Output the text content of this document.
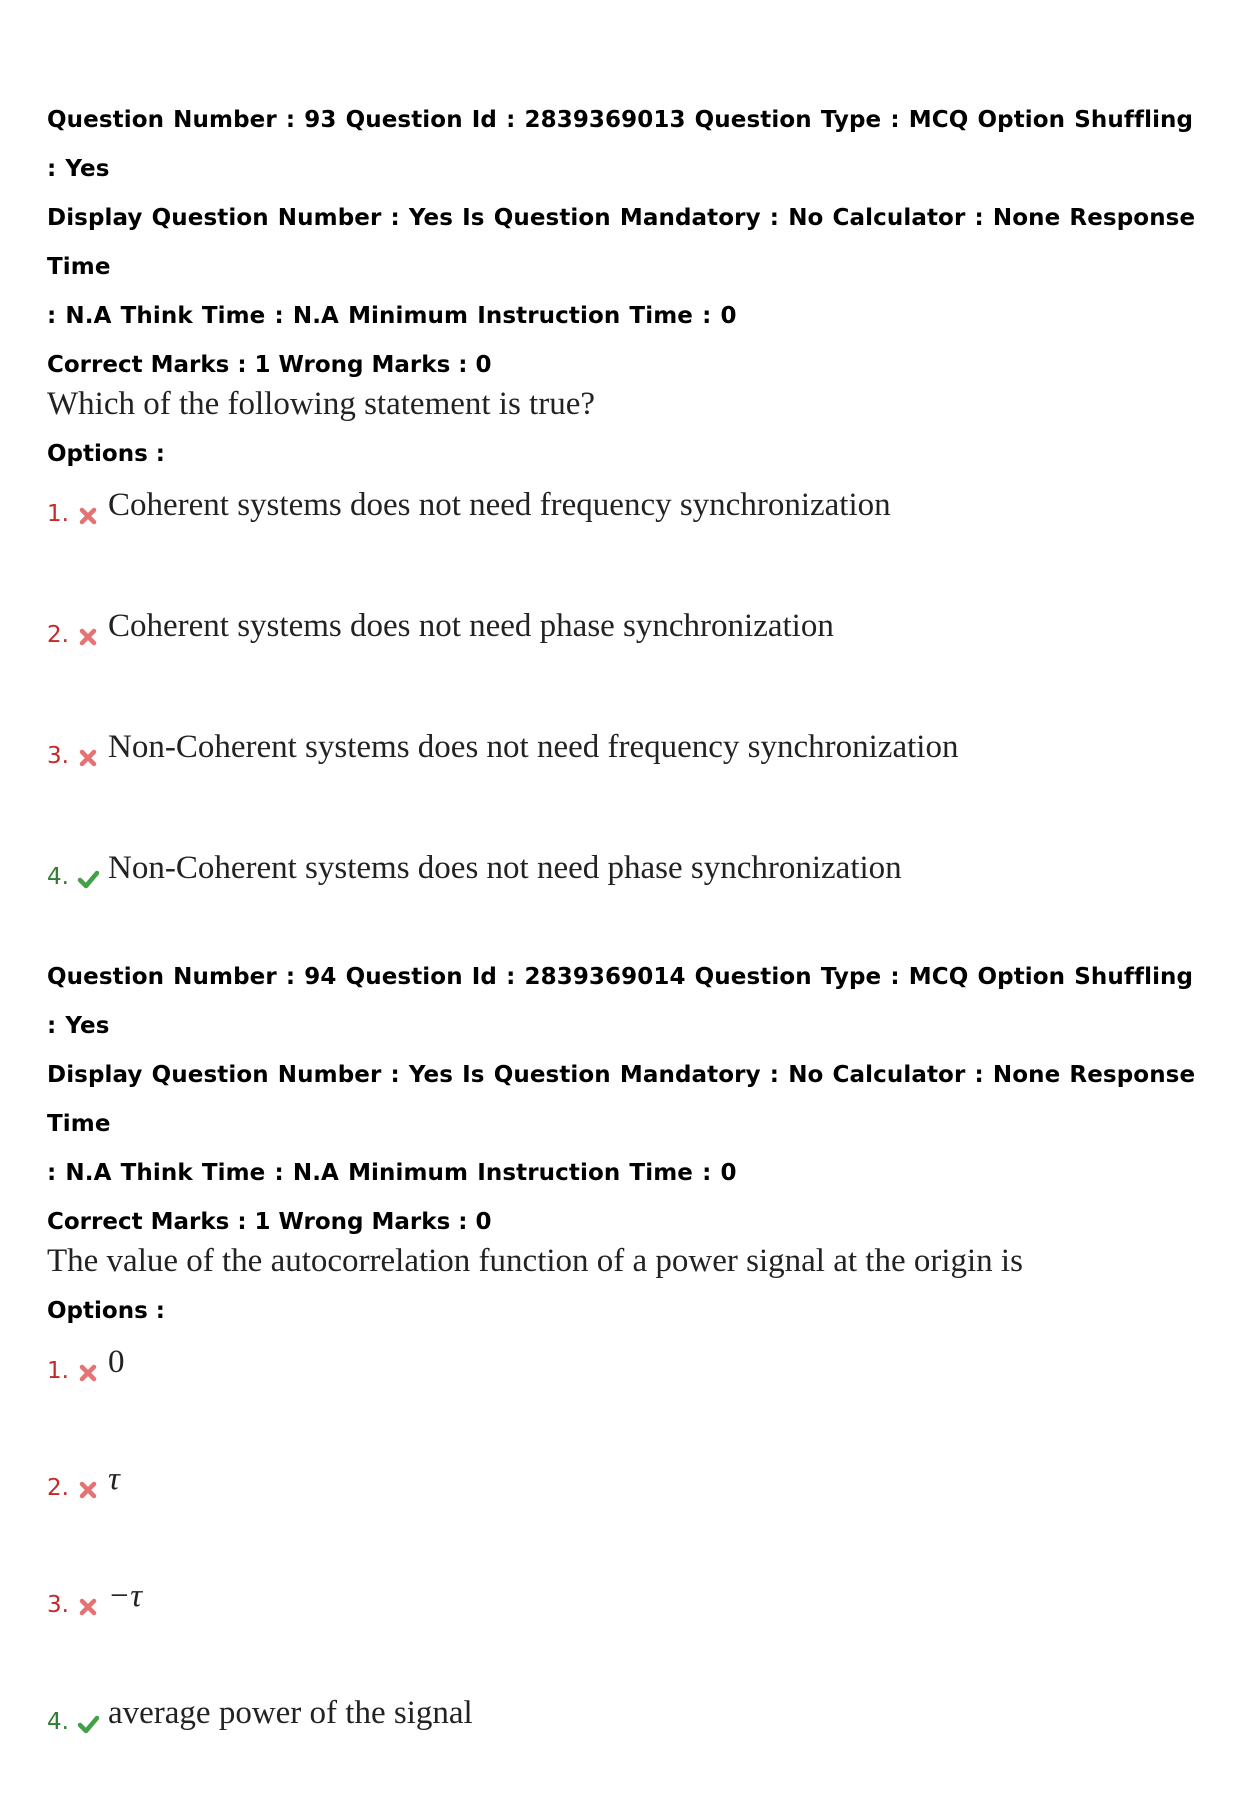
Question Number : 93 Question Id : 2839369013 Question Type : MCQ Option Shuffling : Yes
Display Question Number : Yes Is Question Mandatory : No Calculator : None Response Time
: N.A Think Time : N.A Minimum Instruction Time : 0
Correct Marks : 1 Wrong Marks : 0
Which of the following statement is true?
Options :
1. Coherent systems does not need frequency synchronization
2. Coherent systems does not need phase synchronization
3. Non-Coherent systems does not need frequency synchronization
4. Non-Coherent systems does not need phase synchronization
Question Number : 94 Question Id : 2839369014 Question Type : MCQ Option Shuffling : Yes
Display Question Number : Yes Is Question Mandatory : No Calculator : None Response Time
: N.A Think Time : N.A Minimum Instruction Time : 0
Correct Marks : 1 Wrong Marks : 0
The value of the autocorrelation function of a power signal at the origin is
Options :
1. 0
2. τ
3. −τ
4. average power of the signal
